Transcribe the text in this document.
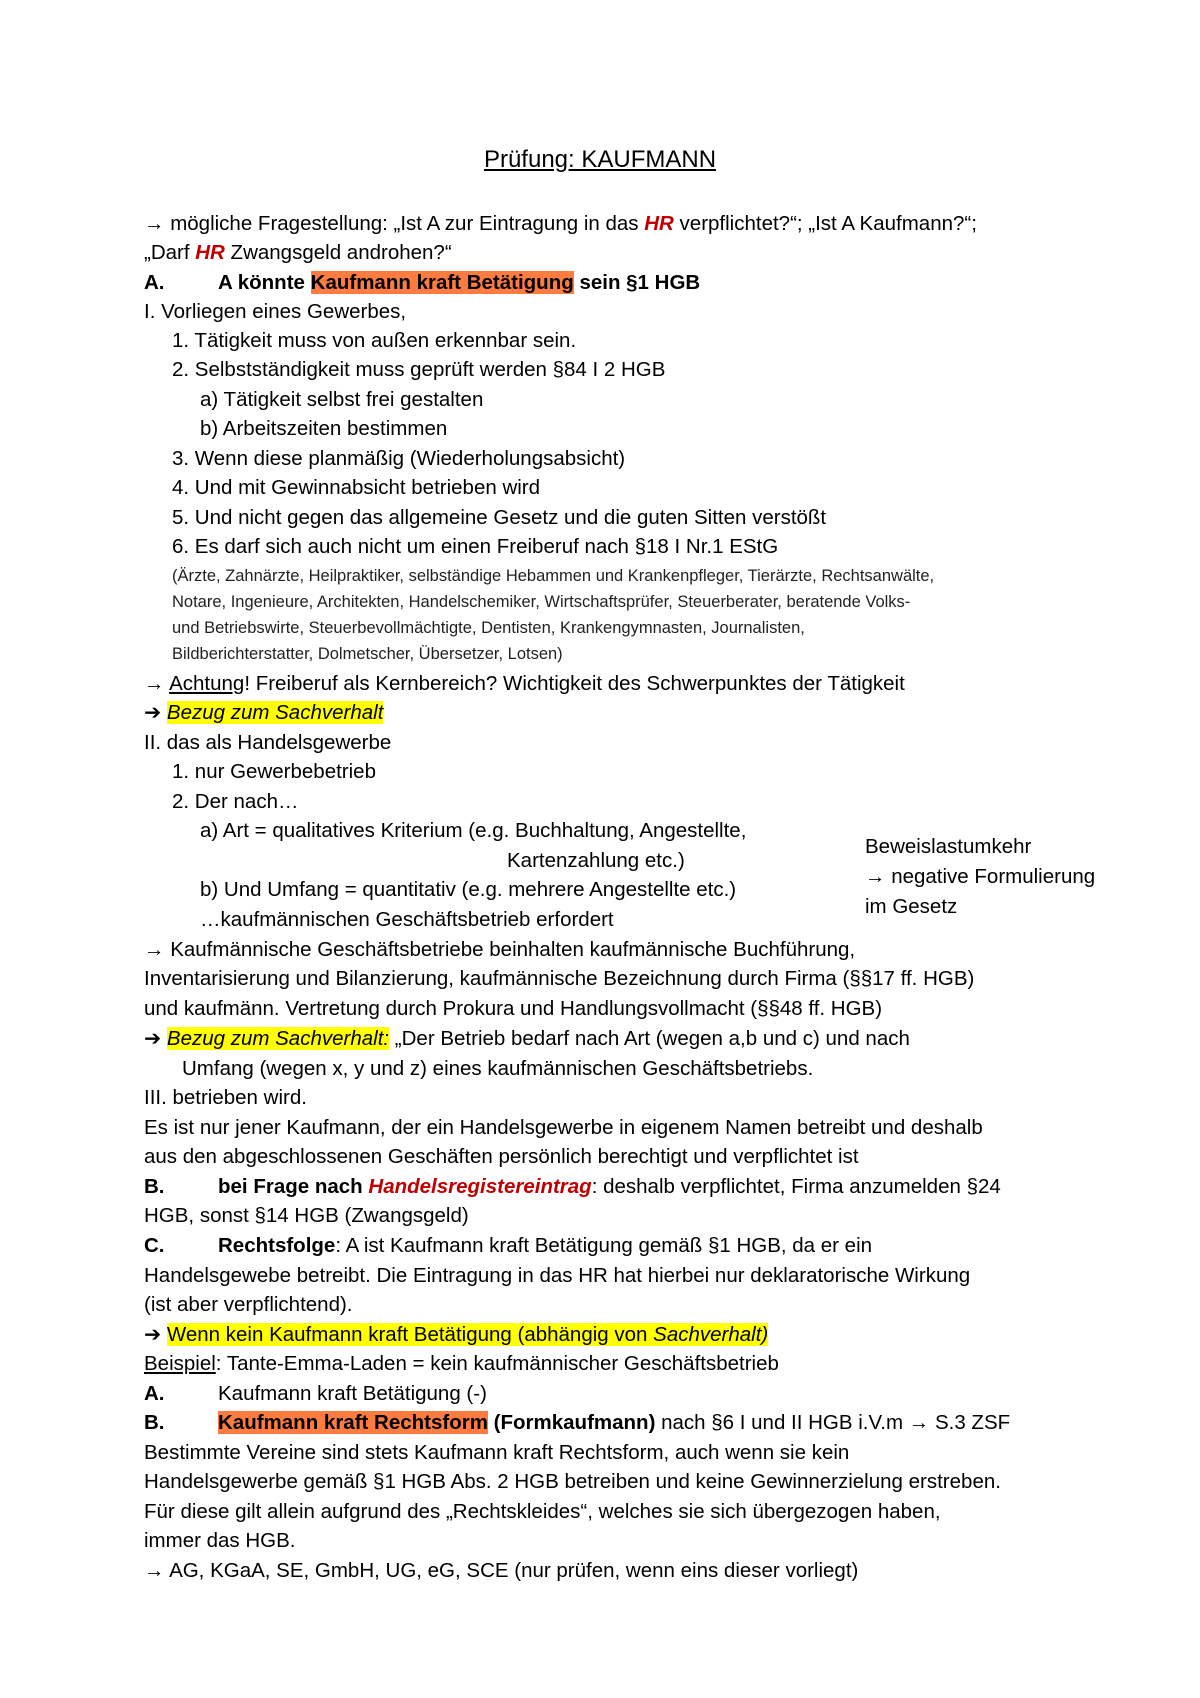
Prüfung: KAUFMANN
→ mögliche Fragestellung: „Ist A zur Eintragung in das HR verpflichtet?“; „Ist A Kaufmann?“;
„Darf HR Zwangsgeld androhen?“
A.	A könnte Kaufmann kraft Betätigung sein §1 HGB
I. Vorliegen eines Gewerbes,
1. Tätigkeit muss von außen erkennbar sein.
2. Selbstständigkeit muss geprüft werden §84 I 2 HGB
a) Tätigkeit selbst frei gestalten
b) Arbeitszeiten bestimmen
3. Wenn diese planmäßig (Wiederholungsabsicht)
4. Und mit Gewinnabsicht betrieben wird
5. Und nicht gegen das allgemeine Gesetz und die guten Sitten verstößt
6. Es darf sich auch nicht um einen Freiberuf nach §18 I Nr.1 EStG
(Ärzte, Zahnärzte, Heilpraktiker, selbständige Hebammen und Krankenpfleger, Tierärzte, Rechtsanwälte,
Notare, Ingenieure, Architekten, Handelschemiker, Wirtschaftsprüfer, Steuerberater, beratende Volks-
und Betriebswirte, Steuerbevollmächtigte, Dentisten, Krankengymnasten, Journalisten,
Bildberichterstatter, Dolmetscher, Übersetzer, Lotsen)
→ Achtung! Freiberuf als Kernbereich? Wichtigkeit des Schwerpunktes der Tätigkeit
➔ Bezug zum Sachverhalt
II. das als Handelsgewerbe
1. nur Gewerbebetrieb
2. Der nach…
a) Art = qualitatives Kriterium (e.g. Buchhaltung, Angestellte,
Kartenzahlung etc.)
b) Und Umfang = quantitativ (e.g. mehrere Angestellte etc.)
…kaufmännischen Geschäftsbetrieb erfordert
Beweislastumkehr
→ negative Formulierung
im Gesetz
→ Kaufmännische Geschäftsbetriebe beinhalten kaufmännische Buchführung,
Inventarisierung und Bilanzierung, kaufmännische Bezeichnung durch Firma (§§17 ff. HGB)
und kaufmänn. Vertretung durch Prokura und Handlungsvollmacht (§§48 ff. HGB)
➔ Bezug zum Sachverhalt: „Der Betrieb bedarf nach Art (wegen a,b und c) und nach
Umfang (wegen x, y und z) eines kaufmännischen Geschäftsbetriebs.
III. betrieben wird.
Es ist nur jener Kaufmann, der ein Handelsgewerbe in eigenem Namen betreibt und deshalb
aus den abgeschlossenen Geschäften persönlich berechtigt und verpflichtet ist
B.	bei Frage nach Handelsregistereintrag: deshalb verpflichtet, Firma anzumelden §24
HGB, sonst §14 HGB (Zwangsgeld)
C.	Rechtsfolge: A ist Kaufmann kraft Betätigung gemäß §1 HGB, da er ein
Handelsgewebe betreibt. Die Eintragung in das HR hat hierbei nur deklaratorische Wirkung
(ist aber verpflichtend).
➔ Wenn kein Kaufmann kraft Betätigung (abhängig von Sachverhalt)
Beispiel: Tante-Emma-Laden = kein kaufmännischer Geschäftsbetrieb
A.	Kaufmann kraft Betätigung (-)
B.	Kaufmann kraft Rechtsform (Formkaufmann) nach §6 I und II HGB i.V.m → S.3 ZSF
Bestimmte Vereine sind stets Kaufmann kraft Rechtsform, auch wenn sie kein
Handelsgewerbe gemäß §1 HGB Abs. 2 HGB betreiben und keine Gewinnerzielung erstreben.
Für diese gilt allein aufgrund des „Rechtskleides“, welches sie sich übergezogen haben,
immer das HGB.
→ AG, KGaA, SE, GmbH, UG, eG, SCE (nur prüfen, wenn eins dieser vorliegt)
